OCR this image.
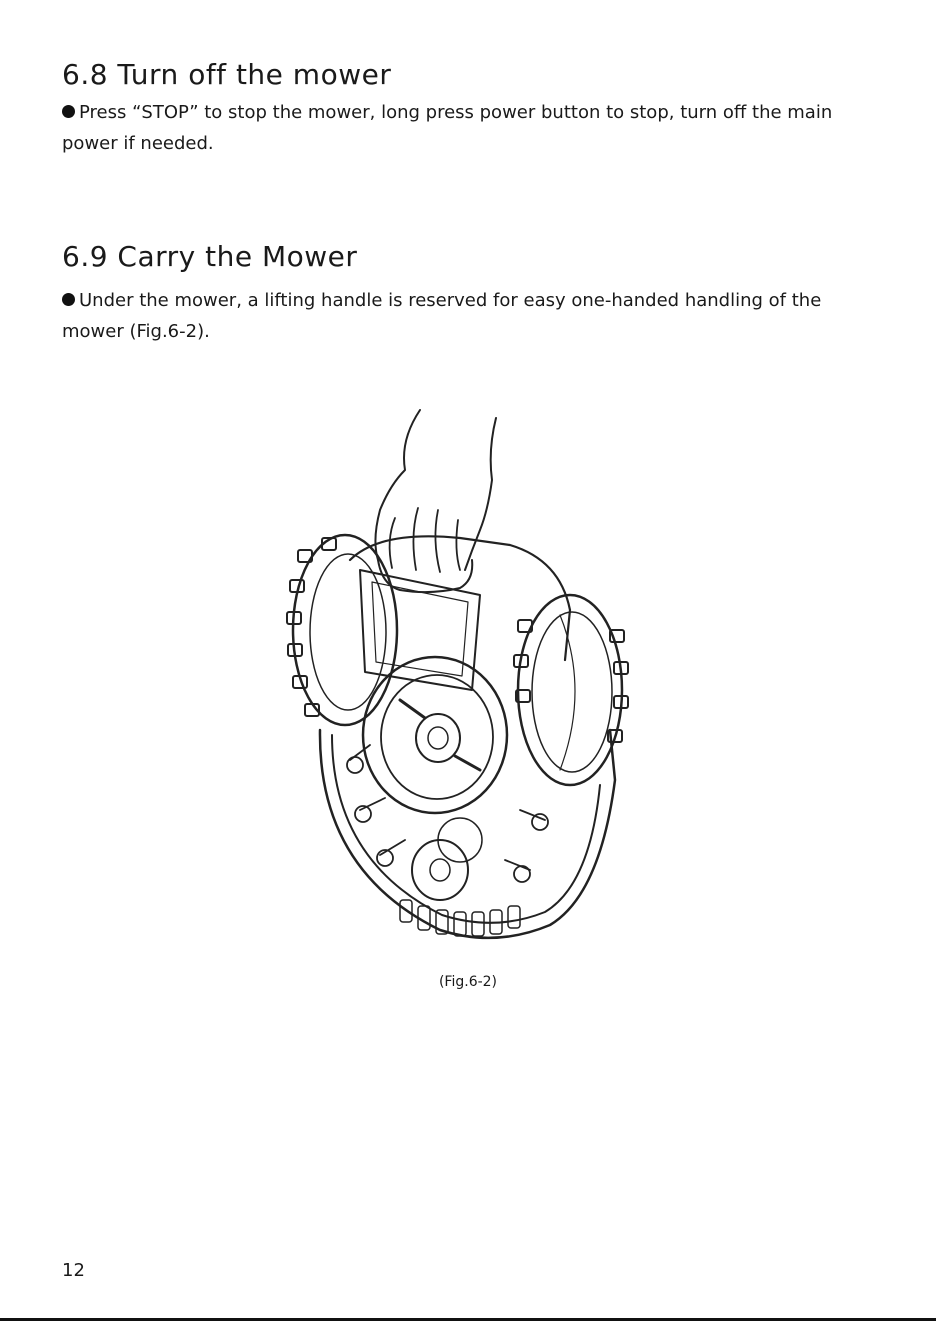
6.8 Turn off the mower

Press “STOP” to stop the mower, long press power button to stop, turn off the main power if needed.

6.9 Carry the Mower

Under the mower, a lifting handle is reserved for easy one-handed handling of the mower (Fig.6-2).

(Fig.6-2)
12
